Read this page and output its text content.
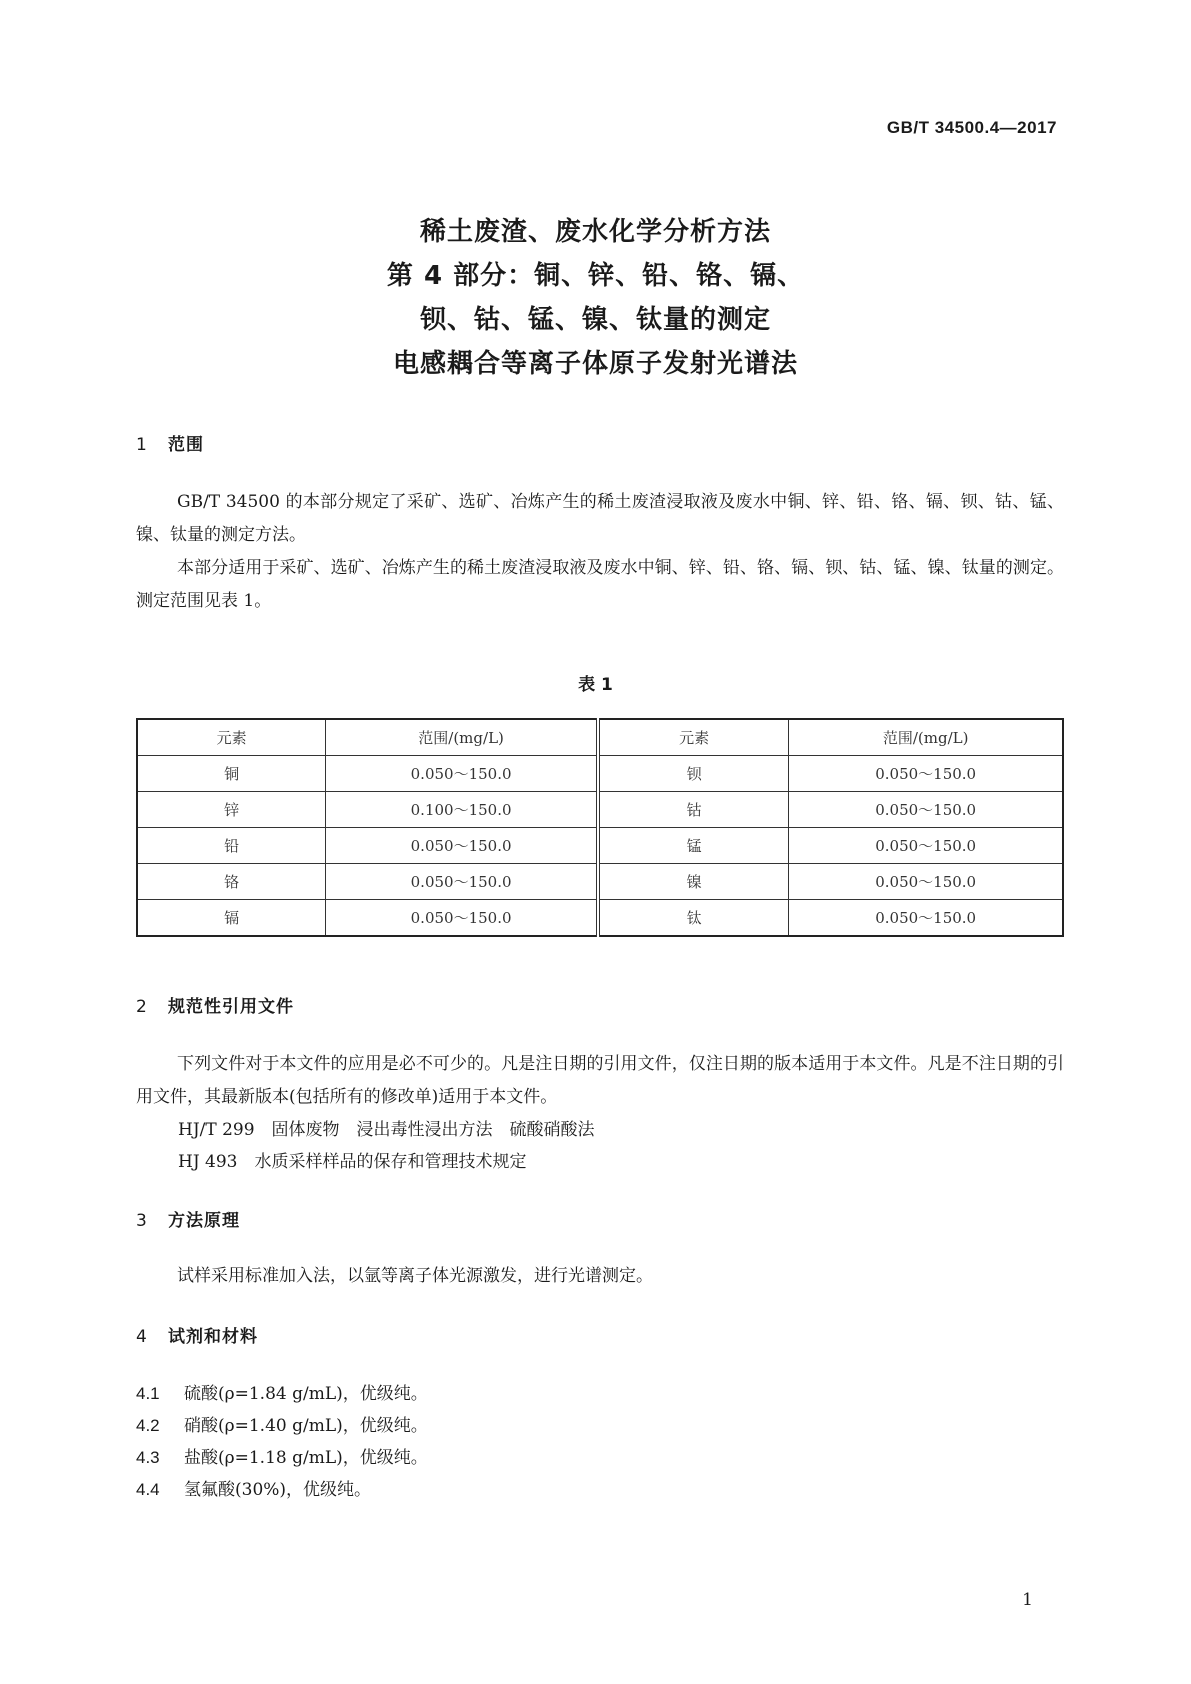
GB/T 34500.4—2017
稀土废渣、废水化学分析方法
第 4 部分：铜、锌、铅、铬、镉、
钡、钴、锰、镍、钛量的测定
电感耦合等离子体原子发射光谱法
1 范围
GB/T 34500 的本部分规定了采矿、选矿、冶炼产生的稀土废渣浸取液及废水中铜、锌、铅、铬、镉、钡、钴、锰、镍、钛量的测定方法。
本部分适用于采矿、选矿、冶炼产生的稀土废渣浸取液及废水中铜、锌、铅、铬、镉、钡、钴、锰、镍、钛量的测定。测定范围见表 1。
表 1
元素	范围/(mg/L)	元素	范围/(mg/L)
铜	0.050～150.0	钡	0.050～150.0
锌	0.100～150.0	钴	0.050～150.0
铅	0.050～150.0	锰	0.050～150.0
铬	0.050～150.0	镍	0.050～150.0
镉	0.050～150.0	钛	0.050～150.0
2 规范性引用文件
下列文件对于本文件的应用是必不可少的。凡是注日期的引用文件，仅注日期的版本适用于本文件。凡是不注日期的引用文件，其最新版本(包括所有的修改单)适用于本文件。
HJ/T 299　固体废物　浸出毒性浸出方法　硫酸硝酸法
HJ 493　水质采样样品的保存和管理技术规定
3 方法原理
试样采用标准加入法，以氩等离子体光源激发，进行光谱测定。
4 试剂和材料
4.1 硫酸(ρ=1.84 g/mL)，优级纯。
4.2 硝酸(ρ=1.40 g/mL)，优级纯。
4.3 盐酸(ρ=1.18 g/mL)，优级纯。
4.4 氢氟酸(30%)，优级纯。
1
